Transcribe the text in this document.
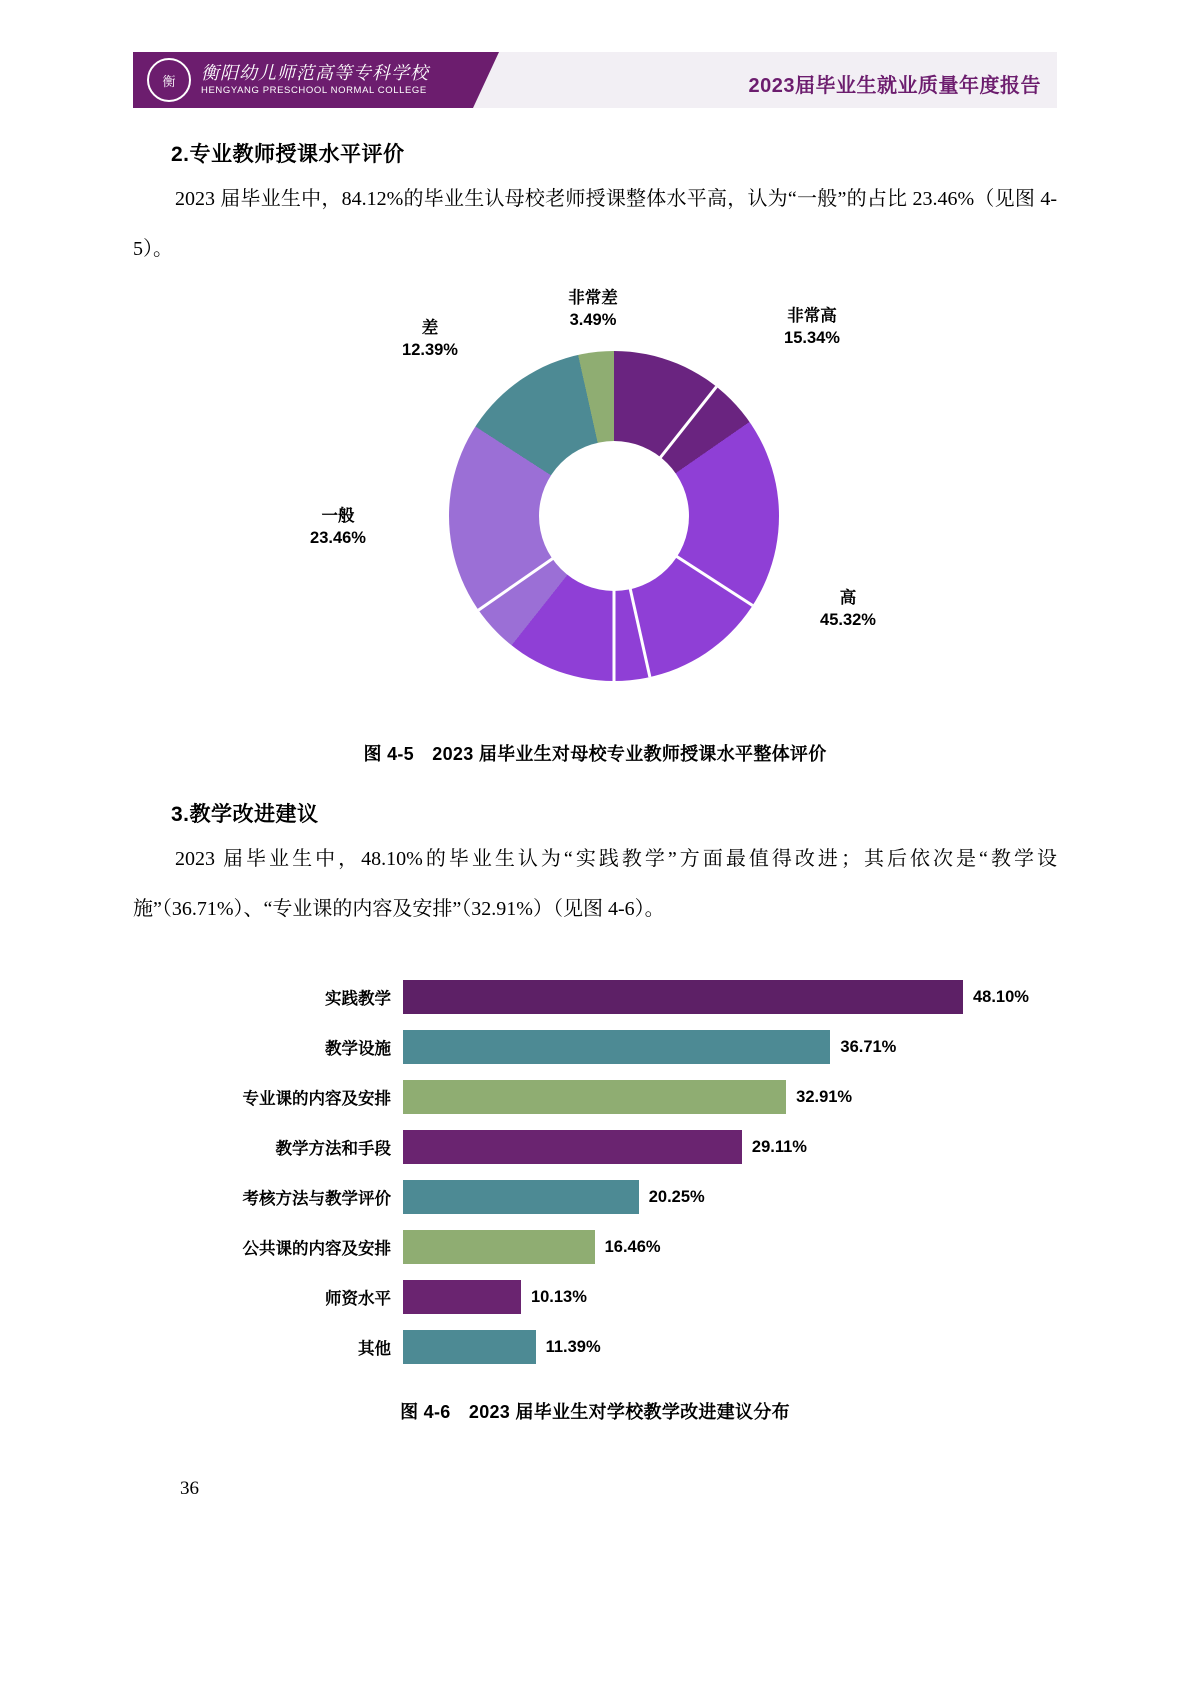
衡 衡阳幼儿师范高等专科学校
HENGYANG PRESCHOOL NORMAL COLLEGE	2023届毕业生就业质量年度报告
2.专业教师授课水平评价

2023 届毕业生中，84.12%的毕业生认母校老师授课整体水平高，认为“一般”的占比 23.46%（见图 4-5）。

非常高
15.34%
高
45.32%
一般
23.46%
差
12.39%
非常差
3.49%
图 4-5　2023 届毕业生对母校专业教师授课水平整体评价
3.教学改进建议

2023 届毕业生中，48.10%的毕业生认为“实践教学”方面最值得改进；其后依次是“教学设施”（36.71%）、“专业课的内容及安排”（32.91%）（见图 4-6）。

实践教学	48.10%
教学设施	36.71%
专业课的内容及安排	32.91%
教学方法和手段	29.11%
考核方法与教学评价	20.25%
公共课的内容及安排	16.46%
师资水平	10.13%
其他	11.39%
图 4-6　2023 届毕业生对学校教学改进建议分布
36
